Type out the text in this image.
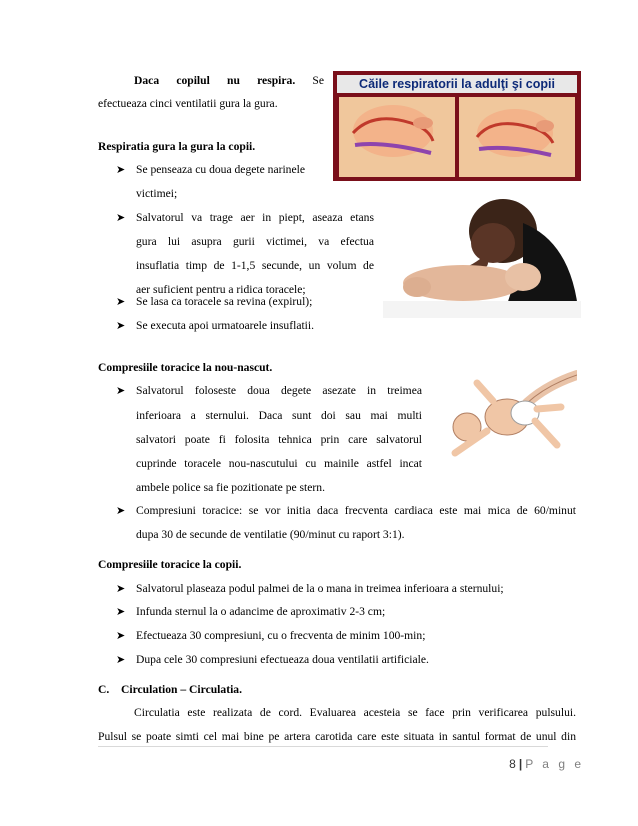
Daca copilul nu respira. Se
efectueaza cinci ventilatii gura la gura.
Respiratia gura la gura la copii.
➤ Se penseaza cu doua degete narinele
victimei;
➤ Salvatorul va trage aer in piept, aseaza etans
gura lui asupra gurii victimei, va efectua
insuflatia timp de 1-1,5 secunde, un volum de
aer suficient pentru a ridica toracele;
➤ Se lasa ca toracele sa revina (expirul);
➤ Se executa apoi urmatoarele insuflatii.
Compresiile toracice la nou-nascut.
➤ Salvatorul foloseste doua degete asezate in treimea
inferioara a sternului. Daca sunt doi sau mai multi
salvatori poate fi folosita tehnica prin care salvatorul
cuprinde toracele nou-nascutului cu mainile astfel incat
ambele police sa fie pozitionate pe stern.
➤ Compresiuni toracice: se vor initia daca frecventa cardiaca este mai mica de 60/minut
dupa 30 de secunde de ventilatie (90/minut cu raport 3:1).
Compresiile toracice la copii.
➤ Salvatorul plaseaza podul palmei de la o mana in treimea inferioara a sternului;
➤ Infunda sternul la o adancime de aproximativ 2-3 cm;
➤ Efectueaza 30 compresiuni, cu o frecventa de minim 100-min;
➤ Dupa cele 30 compresiuni efectueaza doua ventilatii artificiale.
C. Circulation – Circulatia.
Circulatia este realizata de cord. Evaluarea acesteia se face prin verificarea pulsului.
Pulsul se poate simti cel mai bine pe artera carotida care este situata in santul format de unul din
Căile respiratorii la adulţi şi copii
8 | P a g e
